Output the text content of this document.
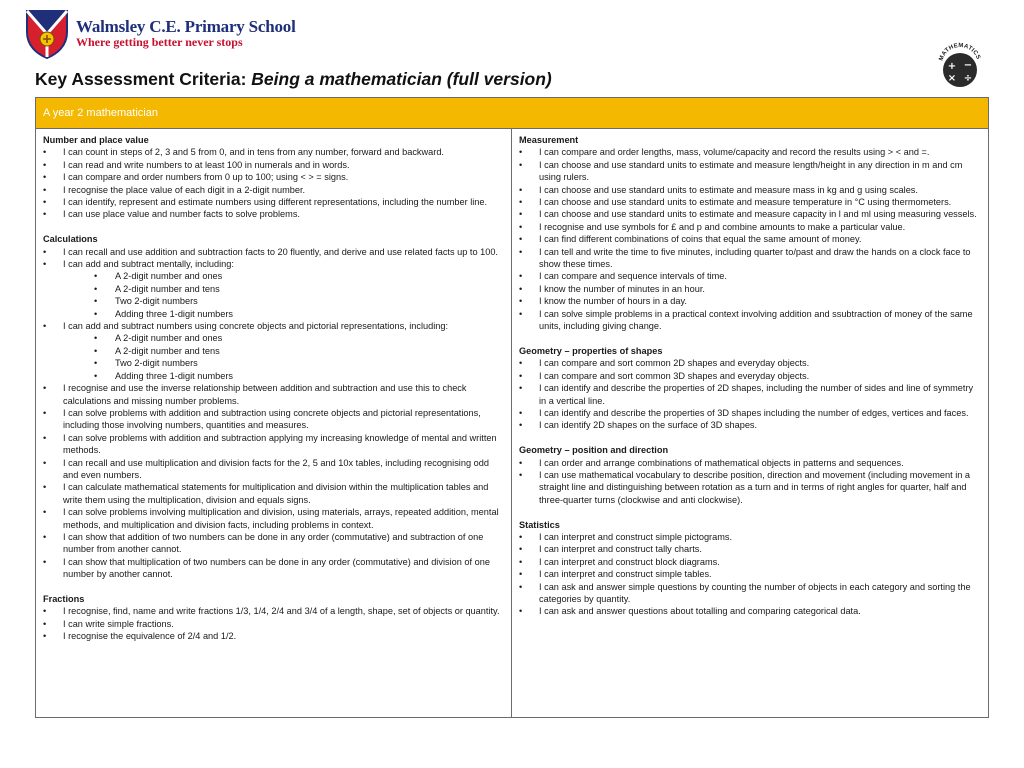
Walmsley C.E. Primary School
Where getting better never stops
MATHEMATICS
+ −
× ÷
Key Assessment Criteria: Being a mathematician (full version)
A year 2 mathematician
Number and place value
• I can count in steps of 2, 3 and 5 from 0, and in tens from any number, forward and backward.
• I can read and write numbers to at least 100 in numerals and in words.
• I can compare and order numbers from 0 up to 100; using < > = signs.
• I recognise the place value of each digit in a 2-digit number.
• I can identify, represent and estimate numbers using different representations, including the number line.
• I can use place value and number facts to solve problems.
Calculations
• I can recall and use addition and subtraction facts to 20 fluently, and derive and use related facts up to 100.
• I can add and subtract mentally, including:
• A 2-digit number and ones
• A 2-digit number and tens
• Two 2-digit numbers
• Adding three 1-digit numbers
• I can add and subtract numbers using concrete objects and pictorial representations, including:
• A 2-digit number and ones
• A 2-digit number and tens
• Two 2-digit numbers
• Adding three 1-digit numbers
• I recognise and use the inverse relationship between addition and subtraction and use this to check calculations and missing number problems.
• I can solve problems with addition and subtraction using concrete objects and pictorial representations, including those involving numbers, quantities and measures.
• I can solve problems with addition and subtraction applying my increasing knowledge of mental and written methods.
• I can recall and use multiplication and division facts for the 2, 5 and 10x tables, including recognising odd and even numbers.
• I can calculate mathematical statements for multiplication and division within the multiplication tables and write them using the multiplication, division and equals signs.
• I can solve problems involving multiplication and division, using materials, arrays, repeated addition, mental methods, and multiplication and division facts, including problems in context.
• I can show that addition of two numbers can be done in any order (commutative) and subtraction of one number from another cannot.
• I can show that multiplication of two numbers can be done in any order (commutative) and division of one number by another cannot.
Fractions
• I recognise, find, name and write fractions 1/3, 1/4, 2/4 and 3/4 of a length, shape, set of objects or quantity.
• I can write simple fractions.
• I recognise the equivalence of 2/4 and 1/2.
Measurement
• I can compare and order lengths, mass, volume/capacity and record the results using > < and =.
• I can choose and use standard units to estimate and measure length/height in any direction in m and cm using rulers.
• I can choose and use standard units to estimate and measure mass in kg and g using scales.
• I can choose and use standard units to estimate and measure temperature in °C using thermometers.
• I can choose and use standard units to estimate and measure capacity in l and ml using measuring vessels.
• I recognise and use symbols for £ and p and combine amounts to make a particular value.
• I can find different combinations of coins that equal the same amount of money.
• I can tell and write the time to five minutes, including quarter to/past and draw the hands on a clock face to show these times.
• I can compare and sequence intervals of time.
• I know the number of minutes in an hour.
• I know the number of hours in a day.
• I can solve simple problems in a practical context involving addition and ssubtraction of money of the same units, including giving change.
Geometry – properties of shapes
• I can compare and sort common 2D shapes and everyday objects.
• I can compare and sort common 3D shapes and everyday objects.
• I can identify and describe the properties of 2D shapes, including the number of sides and line of symmetry in a vertical line.
• I can identify and describe the properties of 3D shapes including the number of edges, vertices and faces.
• I can identify 2D shapes on the surface of 3D shapes.
Geometry – position and direction
• I can order and arrange combinations of mathematical objects in patterns and sequences.
• I can use mathematical vocabulary to describe position, direction and movement (including movement in a straight line and distinguishing between rotation as a turn and in terms of right angles for quarter, half and three-quarter turns (clockwise and anti clockwise).
Statistics
• I can interpret and construct simple pictograms.
• I can interpret and construct tally charts.
• I can interpret and construct block diagrams.
• I can interpret and construct simple tables.
• I can ask and answer simple questions by counting the number of objects in each category and sorting the categories by quantity.
• I can ask and answer questions about totalling and comparing categorical data.
